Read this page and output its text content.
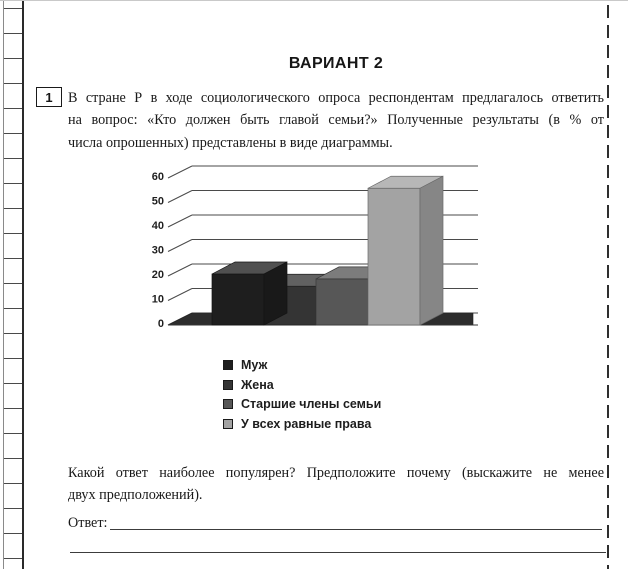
ВАРИАНТ 2
1 В стране Р в ходе социологического опроса респондентам предлагалось ответить
на вопрос: «Кто должен быть главой семьи?» Полученные результаты (в % от
числа опрошенных) представлены в виде диаграммы.
0
10
20
30
40
50
60
Муж
Жена
Старшие члены семьи
У всех равные права
Какой ответ наиболее популярен? Предположите почему (выскажите не менее
двух предположений).
Ответ:
